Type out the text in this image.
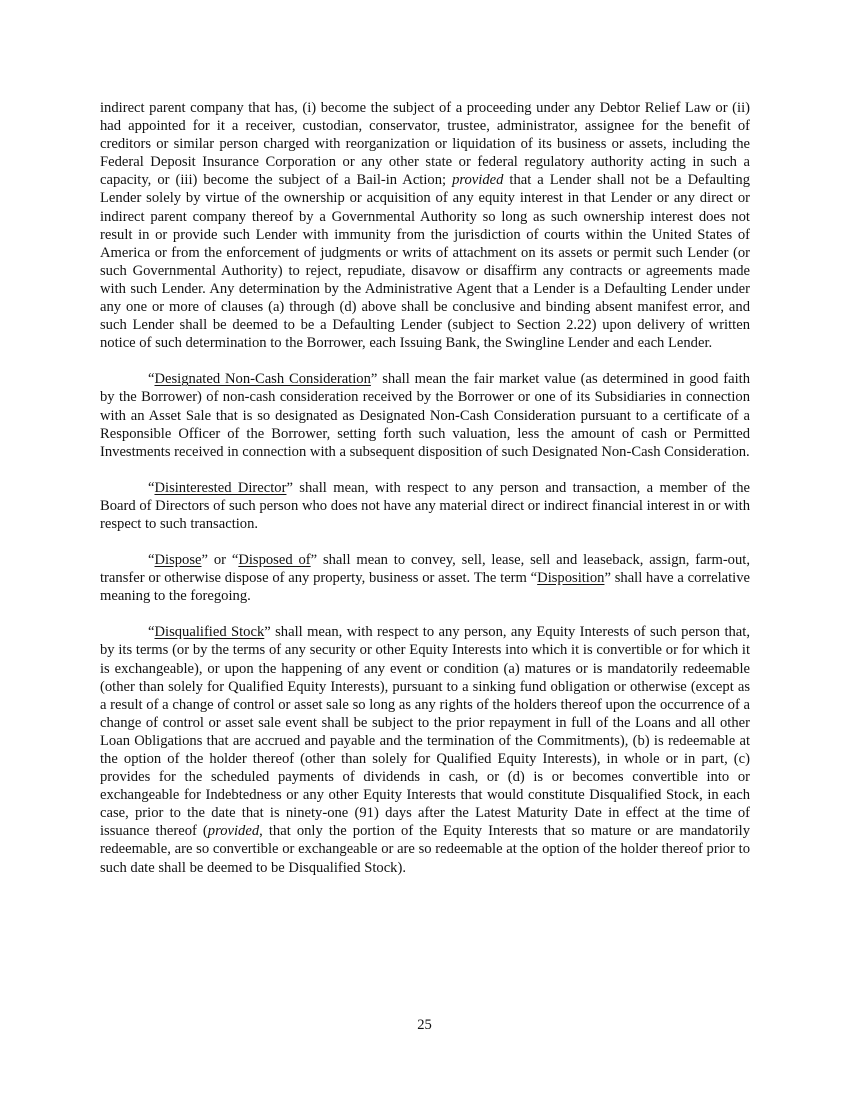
indirect parent company that has, (i) become the subject of a proceeding under any Debtor Relief Law or (ii) had appointed for it a receiver, custodian, conservator, trustee, administrator, assignee for the benefit of creditors or similar person charged with reorganization or liquidation of its business or assets, including the Federal Deposit Insurance Corporation or any other state or federal regulatory authority acting in such a capacity, or (iii) become the subject of a Bail-in Action; provided that a Lender shall not be a Defaulting Lender solely by virtue of the ownership or acquisition of any equity interest in that Lender or any direct or indirect parent company thereof by a Governmental Authority so long as such ownership interest does not result in or provide such Lender with immunity from the jurisdiction of courts within the United States of America or from the enforcement of judgments or writs of attachment on its assets or permit such Lender (or such Governmental Authority) to reject, repudiate, disavow or disaffirm any contracts or agreements made with such Lender. Any determination by the Administrative Agent that a Lender is a Defaulting Lender under any one or more of clauses (a) through (d) above shall be conclusive and binding absent manifest error, and such Lender shall be deemed to be a Defaulting Lender (subject to Section 2.22) upon delivery of written notice of such determination to the Borrower, each Issuing Bank, the Swingline Lender and each Lender.

“Designated Non-Cash Consideration” shall mean the fair market value (as determined in good faith by the Borrower) of non-cash consideration received by the Borrower or one of its Subsidiaries in connection with an Asset Sale that is so designated as Designated Non-Cash Consideration pursuant to a certificate of a Responsible Officer of the Borrower, setting forth such valuation, less the amount of cash or Permitted Investments received in connection with a subsequent disposition of such Designated Non-Cash Consideration.

“Disinterested Director” shall mean, with respect to any person and transaction, a member of the Board of Directors of such person who does not have any material direct or indirect financial interest in or with respect to such transaction.

“Dispose” or “Disposed of” shall mean to convey, sell, lease, sell and leaseback, assign, farm-out, transfer or otherwise dispose of any property, business or asset. The term “Disposition” shall have a correlative meaning to the foregoing.

“Disqualified Stock” shall mean, with respect to any person, any Equity Interests of such person that, by its terms (or by the terms of any security or other Equity Interests into which it is convertible or for which it is exchangeable), or upon the happening of any event or condition (a) matures or is mandatorily redeemable (other than solely for Qualified Equity Interests), pursuant to a sinking fund obligation or otherwise (except as a result of a change of control or asset sale so long as any rights of the holders thereof upon the occurrence of a change of control or asset sale event shall be subject to the prior repayment in full of the Loans and all other Loan Obligations that are accrued and payable and the termination of the Commitments), (b) is redeemable at the option of the holder thereof (other than solely for Qualified Equity Interests), in whole or in part, (c) provides for the scheduled payments of dividends in cash, or (d) is or becomes convertible into or exchangeable for Indebtedness or any other Equity Interests that would constitute Disqualified Stock, in each case, prior to the date that is ninety-one (91) days after the Latest Maturity Date in effect at the time of issuance thereof (provided, that only the portion of the Equity Interests that so mature or are mandatorily redeemable, are so convertible or exchangeable or are so redeemable at the option of the holder thereof prior to such date shall be deemed to be Disqualified Stock).

25
